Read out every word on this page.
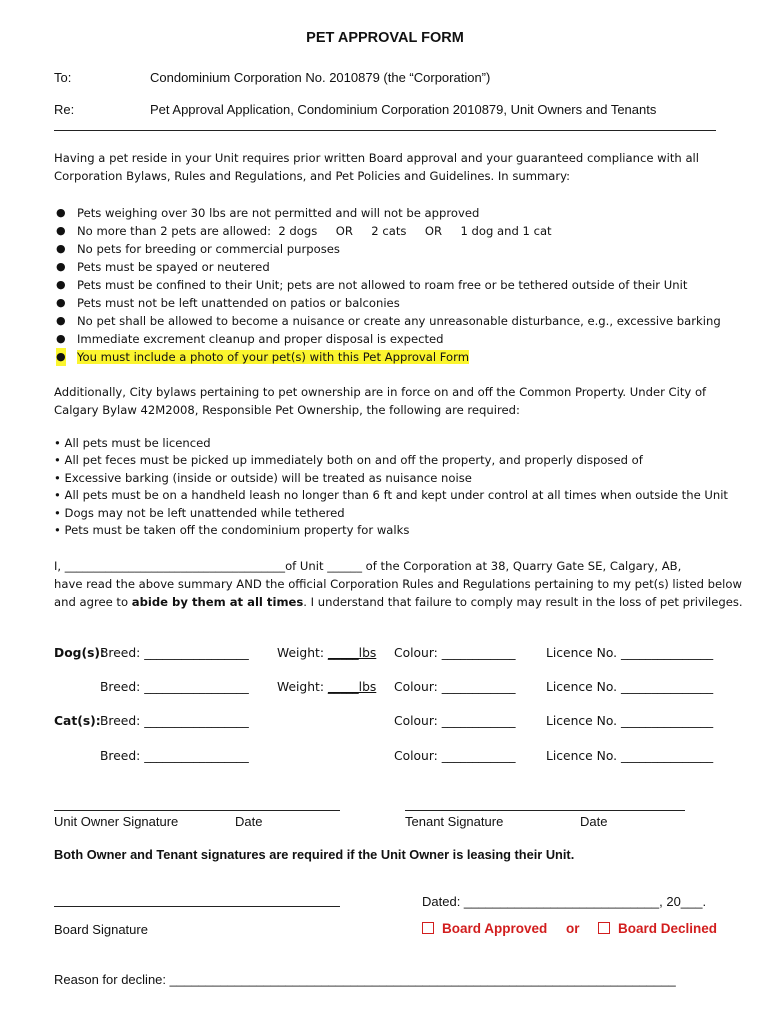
PET APPROVAL FORM
To:	Condominium Corporation No. 2010879 (the “Corporation”)
Re:	Pet Approval Application, Condominium Corporation 2010879, Unit Owners and Tenants
Having a pet reside in your Unit requires prior written Board approval and your guaranteed compliance with all Corporation Bylaws, Rules and Regulations, and Pet Policies and Guidelines. In summary:
● Pets weighing over 30 lbs are not permitted and will not be approved
● No more than 2 pets are allowed:  2 dogs     OR     2 cats     OR     1 dog and 1 cat
● No pets for breeding or commercial purposes
● Pets must be spayed or neutered
● Pets must be confined to their Unit; pets are not allowed to roam free or be tethered outside of their Unit
● Pets must not be left unattended on patios or balconies
● No pet shall be allowed to become a nuisance or create any unreasonable disturbance, e.g., excessive barking
● Immediate excrement cleanup and proper disposal is expected
● You must include a photo of your pet(s) with this Pet Approval Form
Additionally, City bylaws pertaining to pet ownership are in force on and off the Common Property. Under City of Calgary Bylaw 42M2008, Responsible Pet Ownership, the following are required:
• All pets must be licenced
• All pet feces must be picked up immediately both on and off the property, and properly disposed of
• Excessive barking (inside or outside) will be treated as nuisance noise
• All pets must be on a handheld leash no longer than 6 ft and kept under control at all times when outside the Unit
• Dogs may not be left unattended while tethered
• Pets must be taken off the condominium property for walks
I, ______________________________________of Unit ______ of the Corporation at 38, Quarry Gate SE, Calgary, AB,
have read the above summary AND the official Corporation Rules and Regulations pertaining to my pet(s) listed below
and agree to abide by them at all times. I understand that failure to comply may result in the loss of pet privileges.
Dog(s):
Breed: _________________ Weight: _____lbs Colour: ____________ Licence No. _______________
Breed: _________________ Weight: _____lbs Colour: ____________ Licence No. _______________
Cat(s): Breed: _________________	Colour: ____________ Licence No. _______________
Breed: _________________	Colour: ____________ Licence No. _______________
Unit Owner Signature	Date	Tenant Signature	Date
Both Owner and Tenant signatures are required if the Unit Owner is leasing their Unit.
Dated: ___________________________, 20___.
Board Signature	Board Approved or	Board Declined
Reason for decline: ______________________________________________________________________
